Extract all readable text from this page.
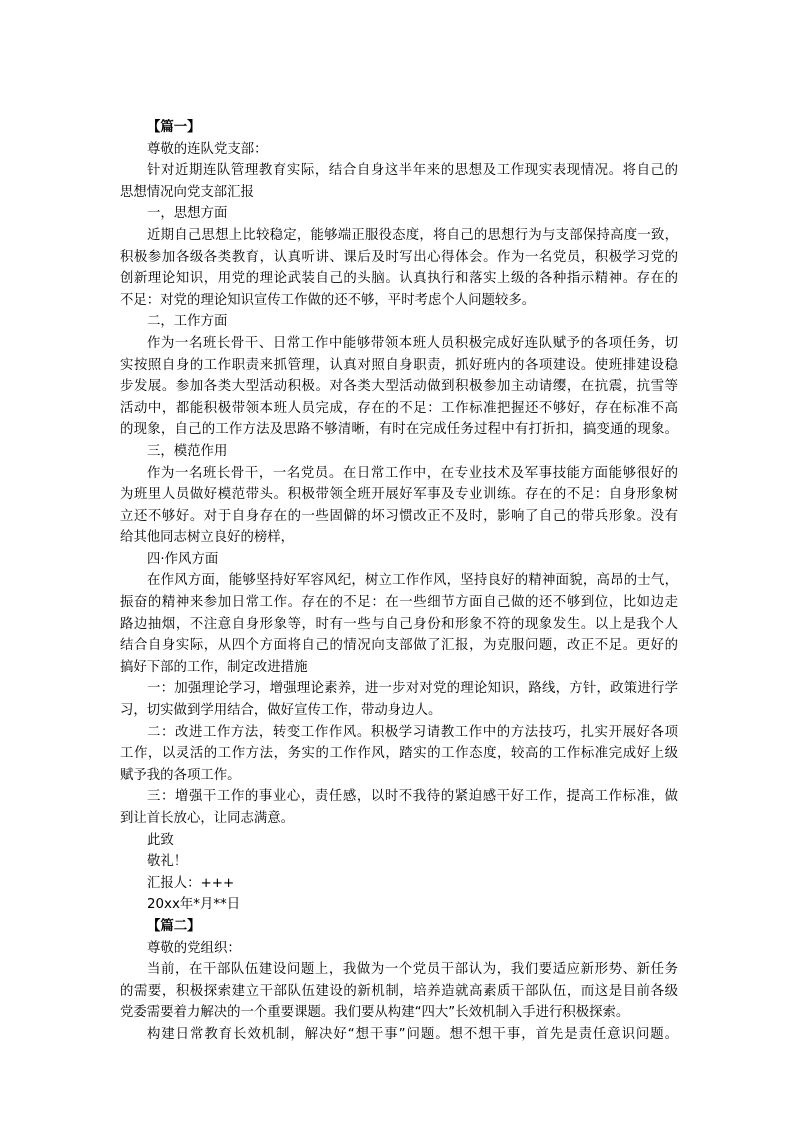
【篇一】
尊敬的连队党支部：
针对近期连队管理教育实际，结合自身这半年来的思想及工作现实表现情况。将自己的
思想情况向党支部汇报
一，思想方面
近期自己思想上比较稳定，能够端正服役态度，将自己的思想行为与支部保持高度一致，
积极参加各级各类教育，认真听讲、课后及时写出心得体会。作为一名党员，积极学习党的
创新理论知识，用党的理论武装自己的头脑。认真执行和落实上级的各种指示精神。存在的
不足：对党的理论知识宣传工作做的还不够，平时考虑个人问题较多。
二，工作方面
作为一名班长骨干、日常工作中能够带领本班人员积极完成好连队赋予的各项任务，切
实按照自身的工作职责来抓管理，认真对照自身职责，抓好班内的各项建设。使班排建设稳
步发展。参加各类大型活动积极。对各类大型活动做到积极参加主动请缨，在抗震，抗雪等
活动中，都能积极带领本班人员完成，存在的不足：工作标准把握还不够好，存在标准不高
的现象，自己的工作方法及思路不够清晰，有时在完成任务过程中有打折扣，搞变通的现象。
三，模范作用
作为一名班长骨干，一名党员。在日常工作中，在专业技术及军事技能方面能够很好的
为班里人员做好模范带头。积极带领全班开展好军事及专业训练。存在的不足：自身形象树
立还不够好。对于自身存在的一些固僻的坏习惯改正不及时，影响了自己的带兵形象。没有
给其他同志树立良好的榜样，
四·作风方面
在作风方面，能够坚持好军容风纪，树立工作作风，坚持良好的精神面貌，高昂的士气，
振奋的精神来参加日常工作。存在的不足：在一些细节方面自己做的还不够到位，比如边走
路边抽烟，不注意自身形象等，时有一些与自己身份和形象不符的现象发生。以上是我个人
结合自身实际，从四个方面将自己的情况向支部做了汇报，为克服问题，改正不足。更好的
搞好下部的工作，制定改进措施
一：加强理论学习，增强理论素养，进一步对对党的理论知识，路线，方针，政策进行学
习，切实做到学用结合，做好宣传工作，带动身边人。
二：改进工作方法，转变工作作风。积极学习请教工作中的方法技巧，扎实开展好各项
工作，以灵活的工作方法，务实的工作作风，踏实的工作态度，较高的工作标准完成好上级
赋予我的各项工作。
三：增强干工作的事业心，责任感，以时不我待的紧迫感干好工作，提高工作标准，做
到让首长放心，让同志满意。
此致
敬礼！
汇报人：+++
20xx年*月**日
【篇二】
尊敬的党组织：
当前，在干部队伍建设问题上，我做为一个党员干部认为，我们要适应新形势、新任务
的需要，积极探索建立干部队伍建设的新机制，培养造就高素质干部队伍，而这是目前各级
党委需要着力解决的一个重要课题。我们要从构建“四大”长效机制入手进行积极探索。
构建日常教育长效机制，解决好“想干事”问题。想不想干事，首先是责任意识问题。
